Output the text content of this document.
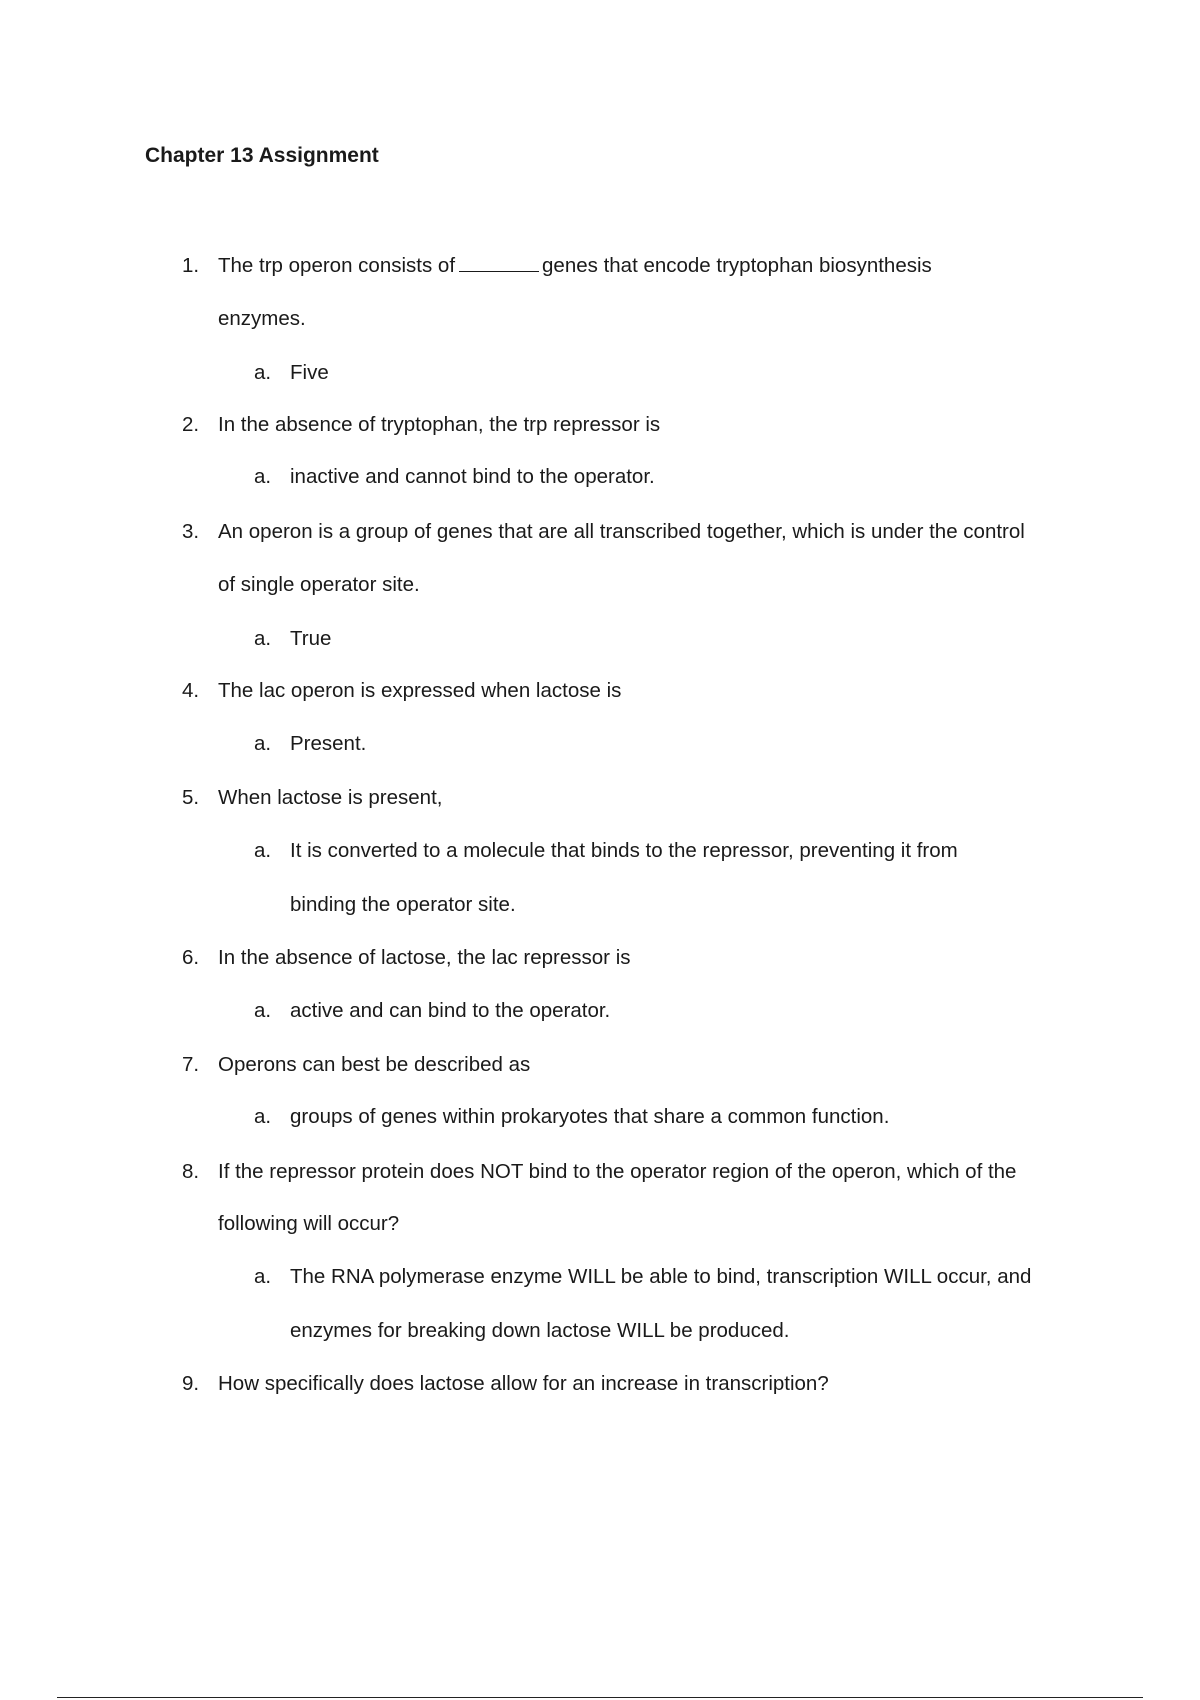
Chapter 13 Assignment
1. The trp operon consists of	genes that encode tryptophan biosynthesis
enzymes.
a. Five
2. In the absence of tryptophan, the trp repressor is
a. inactive and cannot bind to the operator.
3. An operon is a group of genes that are all transcribed together, which is under the control
of single operator site.
a. True
4. The lac operon is expressed when lactose is
a. Present.
5. When lactose is present,
a. It is converted to a molecule that binds to the repressor, preventing it from
binding the operator site.
6. In the absence of lactose, the lac repressor is
a. active and can bind to the operator.
7. Operons can best be described as
a. groups of genes within prokaryotes that share a common function.
8. If the repressor protein does NOT bind to the operator region of the operon, which of the
following will occur?
a. The RNA polymerase enzyme WILL be able to bind, transcription WILL occur, and
enzymes for breaking down lactose WILL be produced.
9. How specifically does lactose allow for an increase in transcription?
